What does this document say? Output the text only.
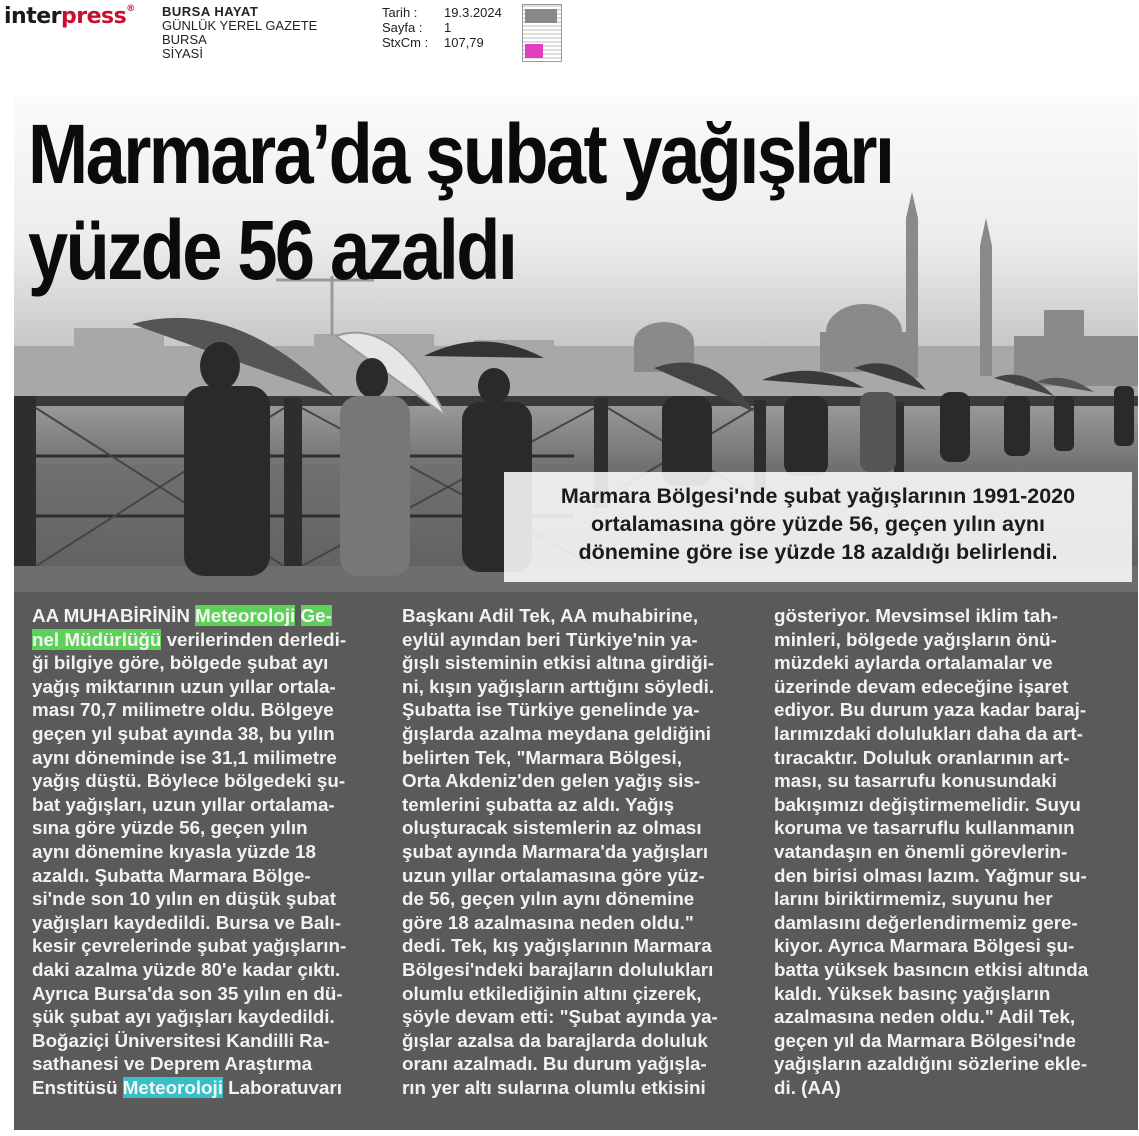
interpress® BURSA HAYAT
GÜNLÜK YEREL GAZETE
BURSA
SİYASİ
Tarih :	19.3.2024
Sayfa :	1
StxCm :	107,79
Marmara’da şubat yağışları
yüzde 56 azaldı

Marmara Bölgesi'nde şubat yağışlarının 1991-2020
ortalamasına göre yüzde 56, geçen yılın aynı
dönemine göre ise yüzde 18 azaldığı belirlendi.

AA MUHABİRİNİN Meteoroloji Ge-
nel Müdürlüğü verilerinden derledi-
ği bilgiye göre, bölgede şubat ayı
yağış miktarının uzun yıllar ortala-
ması 70,7 milimetre oldu. Bölgeye
geçen yıl şubat ayında 38, bu yılın
aynı döneminde ise 31,1 milimetre
yağış düştü. Böylece bölgedeki şu-
bat yağışları, uzun yıllar ortalama-
sına göre yüzde 56, geçen yılın
aynı dönemine kıyasla yüzde 18
azaldı. Şubatta Marmara Bölge-
si'nde son 10 yılın en düşük şubat
yağışları kaydedildi. Bursa ve Balı-
kesir çevrelerinde şubat yağışların-
daki azalma yüzde 80'e kadar çıktı.
Ayrıca Bursa'da son 35 yılın en dü-
şük şubat ayı yağışları kaydedildi.
Boğaziçi Üniversitesi Kandilli Ra-
sathanesi ve Deprem Araştırma
Enstitüsü Meteoroloji Laboratuvarı
Başkanı Adil Tek, AA muhabirine,
eylül ayından beri Türkiye'nin ya-
ğışlı sisteminin etkisi altına girdiği-
ni, kışın yağışların arttığını söyledi.
Şubatta ise Türkiye genelinde ya-
ğışlarda azalma meydana geldiğini
belirten Tek, "Marmara Bölgesi,
Orta Akdeniz'den gelen yağış sis-
temlerini şubatta az aldı. Yağış
oluşturacak sistemlerin az olması
şubat ayında Marmara'da yağışları
uzun yıllar ortalamasına göre yüz-
de 56, geçen yılın aynı dönemine
göre 18 azalmasına neden oldu."
dedi. Tek, kış yağışlarının Marmara
Bölgesi'ndeki barajların dolulukları
olumlu etkilediğinin altını çizerek,
şöyle devam etti: "Şubat ayında ya-
ğışlar azalsa da barajlarda doluluk
oranı azalmadı. Bu durum yağışla-
rın yer altı sularına olumlu etkisini
gösteriyor. Mevsimsel iklim tah-
minleri, bölgede yağışların önü-
müzdeki aylarda ortalamalar ve
üzerinde devam edeceğine işaret
ediyor. Bu durum yaza kadar baraj-
larımızdaki dolulukları daha da art-
tıracaktır. Doluluk oranlarının art-
ması, su tasarrufu konusundaki
bakışımızı değiştirmemelidir. Suyu
koruma ve tasarruflu kullanmanın
vatandaşın en önemli görevlerin-
den birisi olması lazım. Yağmur su-
larını biriktirmemiz, suyunu her
damlasını değerlendirmemiz gere-
kiyor. Ayrıca Marmara Bölgesi şu-
batta yüksek basıncın etkisi altında
kaldı. Yüksek basınç yağışların
azalmasına neden oldu." Adil Tek,
geçen yıl da Marmara Bölgesi'nde
yağışların azaldığını sözlerine ekle-
di. (AA)
